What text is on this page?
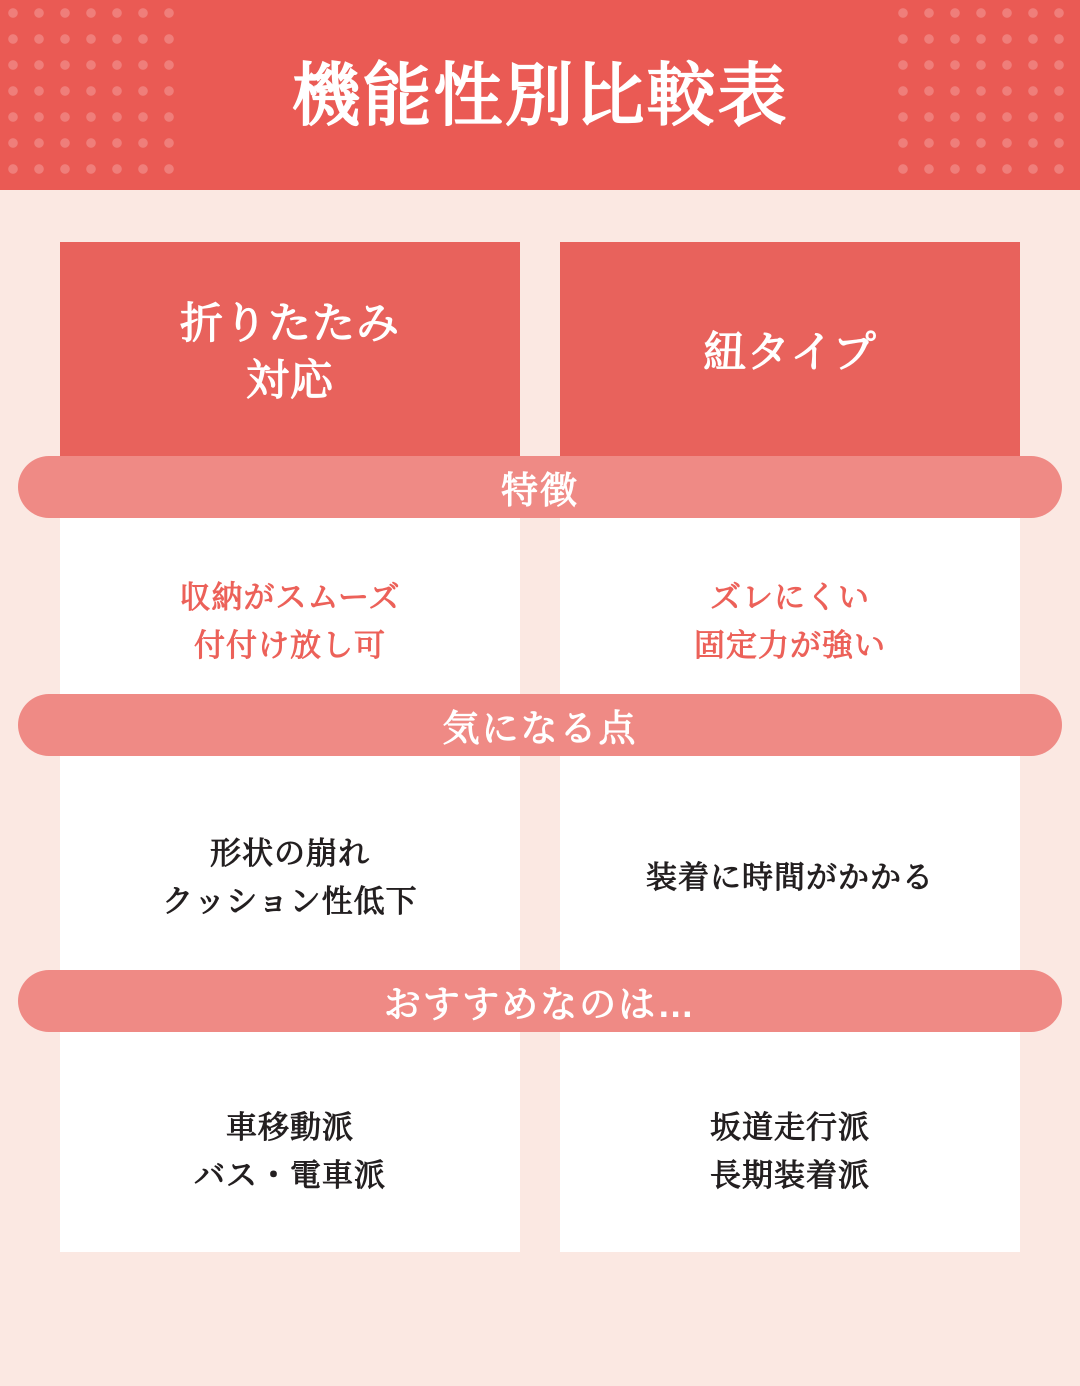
機能性別比較表
折りたたみ
対応
紐タイプ
特徴
収納がスムーズ
付付け放し可
ズレにくい
固定力が強い
気になる点
形状の崩れ
クッション性低下
装着に時間がかかる
おすすめなのは…
車移動派
バス・電車派
坂道走行派
長期装着派
